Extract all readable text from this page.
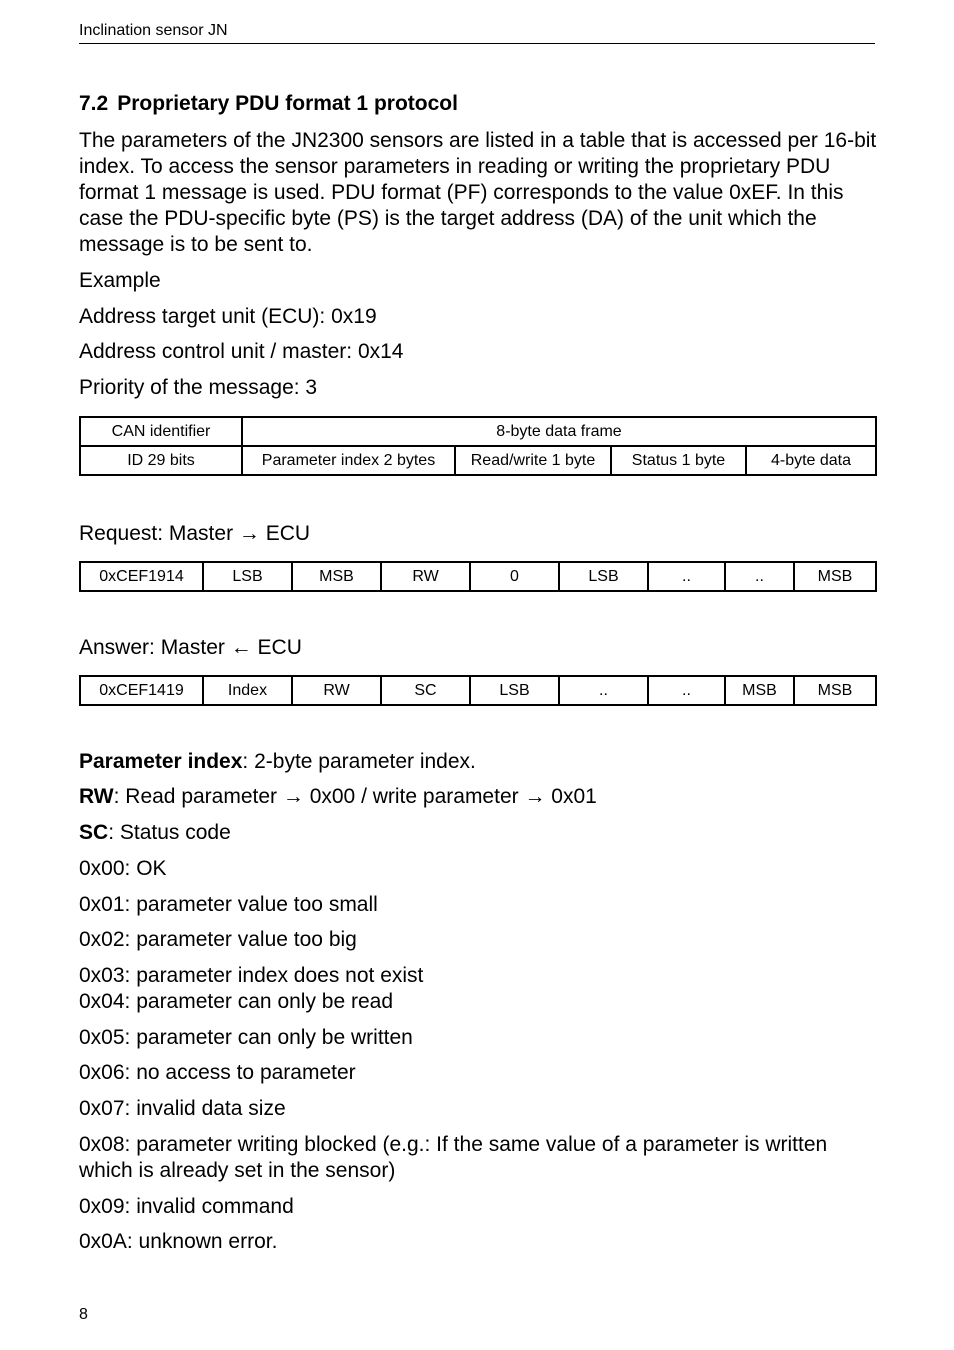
Inclination sensor JN
7.2 Proprietary PDU format 1 protocol

The parameters of the JN2300 sensors are listed in a table that is accessed per 16-bit index. To access the sensor parameters in reading or writing the proprietary PDU format 1 message is used. PDU format (PF) corresponds to the value 0xEF. In this case the PDU-specific byte (PS) is the target address (DA) of the unit which the message is to be sent to.

Example

Address target unit (ECU): 0x19

Address control unit / master: 0x14

Priority of the message: 3

CAN identifier	8-byte data frame			
ID 29 bits	Parameter index 2 bytes	Read/write 1 byte	Status 1 byte	4-byte data

Request: Master → ECU

0xCEF1914	LSB	MSB	RW	0	LSB	..	..	MSB

Answer: Master ← ECU

0xCEF1419	Index	RW	SC	LSB	..	..	MSB	MSB

Parameter index: 2-byte parameter index.

RW: Read parameter → 0x00 / write parameter → 0x01

SC: Status code

0x00: OK

0x01: parameter value too small

0x02: parameter value too big

0x03: parameter index does not exist

0x04: parameter can only be read

0x05: parameter can only be written

0x06: no access to parameter

0x07: invalid data size

0x08: parameter writing blocked (e.g.: If the same value of a parameter is written which is already set in the sensor)

0x09: invalid command

0x0A: unknown error.

8
